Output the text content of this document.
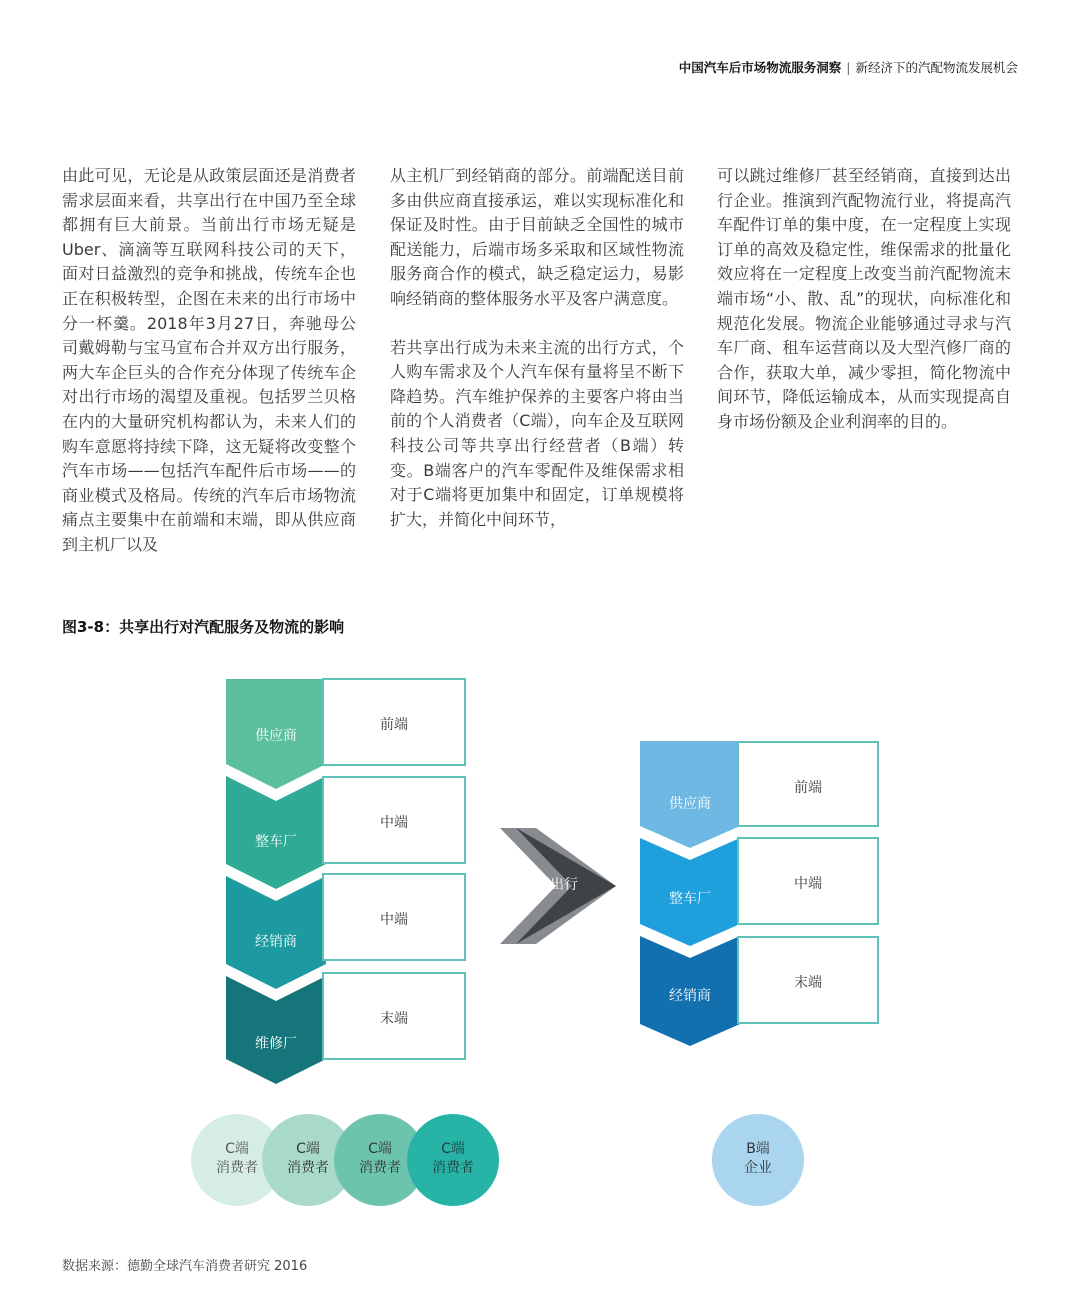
中国汽车后市场物流服务洞察 | 新经济下的汽配物流发展机会

由此可见，无论是从政策层面还是消费者需求层面来看，共享出行在中国乃至全球都拥有巨大前景。当前出行市场无疑是Uber、滴滴等互联网科技公司的天下，面对日益激烈的竞争和挑战，传统车企也正在积极转型，企图在未来的出行市场中分一杯羹。2018年3月27日，奔驰母公司戴姆勒与宝马宣布合并双方出行服务，两大车企巨头的合作充分体现了传统车企对出行市场的渴望及重视。包括罗兰贝格在内的大量研究机构都认为，未来人们的购车意愿将持续下降，这无疑将改变整个汽车市场——包括汽车配件后市场——的商业模式及格局。传统的汽车后市场物流痛点主要集中在前端和末端，即从供应商到主机厂以及

从主机厂到经销商的部分。前端配送目前多由供应商直接承运，难以实现标准化和保证及时性。由于目前缺乏全国性的城市配送能力，后端市场多采取和区域性物流服务商合作的模式，缺乏稳定运力，易影响经销商的整体服务水平及客户满意度。

若共享出行成为未来主流的出行方式，个人购车需求及个人汽车保有量将呈不断下降趋势。汽车维护保养的主要客户将由当前的个人消费者（C端），向车企及互联网科技公司等共享出行经营者（B端）转变。B端客户的汽车零配件及维保需求相对于C端将更加集中和固定，订单规模将扩大，并简化中间环节，

可以跳过维修厂甚至经销商，直接到达出行企业。推演到汽配物流行业，将提高汽车配件订单的集中度，在一定程度上实现订单的高效及稳定性，维保需求的批量化效应将在一定程度上改变当前汽配物流末端市场“小、散、乱”的现状，向标准化和规范化发展。物流企业能够通过寻求与汽车厂商、租车运营商以及大型汽修厂商的合作，获取大单，减少零担，简化物流中间环节，降低运输成本，从而实现提高自身市场份额及企业利润率的目的。

图3-8：共享出行对汽配服务及物流的影响
供应商
整车厂
经销商
维修厂
前端
中端
中端
末端
共享出行
供应商
整车厂
经销商
前端
中端
末端
C端
消费者
C端
消费者
C端
消费者
C端
消费者
B端
企业
数据来源：德勤全球汽车消费者研究 2016
